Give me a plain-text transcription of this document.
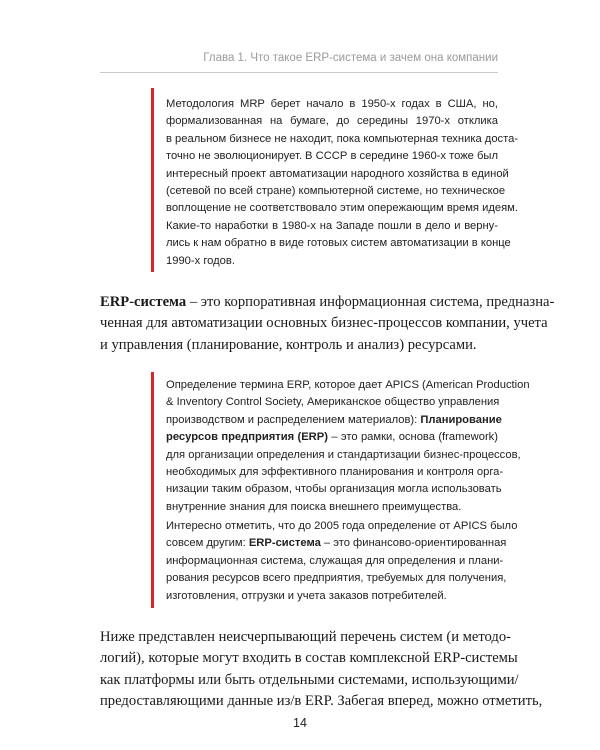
Глава 1. Что такое ERP-система и зачем она компании
Методология MRP берет начало в 1950-х годах в США, но,
формализованная на бумаге, до середины 1970-х отклика
в реальном бизнесе не находит, пока компьютерная техника доста-
точно не эволюционирует. В СССР в середине 1960-х тоже был
интересный проект автоматизации народного хозяйства в единой
(сетевой по всей стране) компьютерной системе, но техническое
воплощение не соответствовало этим опережающим время идеям.
Какие-то наработки в 1980-х на Западе пошли в дело и верну-
лись к нам обратно в виде готовых систем автоматизации в конце
1990-х годов.
ERP-система – это корпоративная информационная система, предназна-
ченная для автоматизации основных бизнес-процессов компании, учета
и управления (планирование, контроль и анализ) ресурсами.
Определение термина ERP, которое дает APICS (American Production
& Inventory Control Society, Американское общество управления
производством и распределением материалов): Планирование
ресурсов предприятия (ERP) – это рамки, основа (framework)
для организации определения и стандартизации бизнес-процессов,
необходимых для эффективного планирования и контроля орга-
низации таким образом, чтобы организация могла использовать
внутренние знания для поиска внешнего преимущества.
Интересно отметить, что до 2005 года определение от APICS было
совсем другим: ERP-система – это финансово-ориентированная
информационная система, служащая для определения и плани-
рования ресурсов всего предприятия, требуемых для получения,
изготовления, отгрузки и учета заказов потребителей.
Ниже представлен неисчерпывающий перечень систем (и методо-
логий), которые могут входить в состав комплексной ERP-системы
как платформы или быть отдельными системами, использующими/
предоставляющими данные из/в ERP. Забегая вперед, можно отметить,
14
